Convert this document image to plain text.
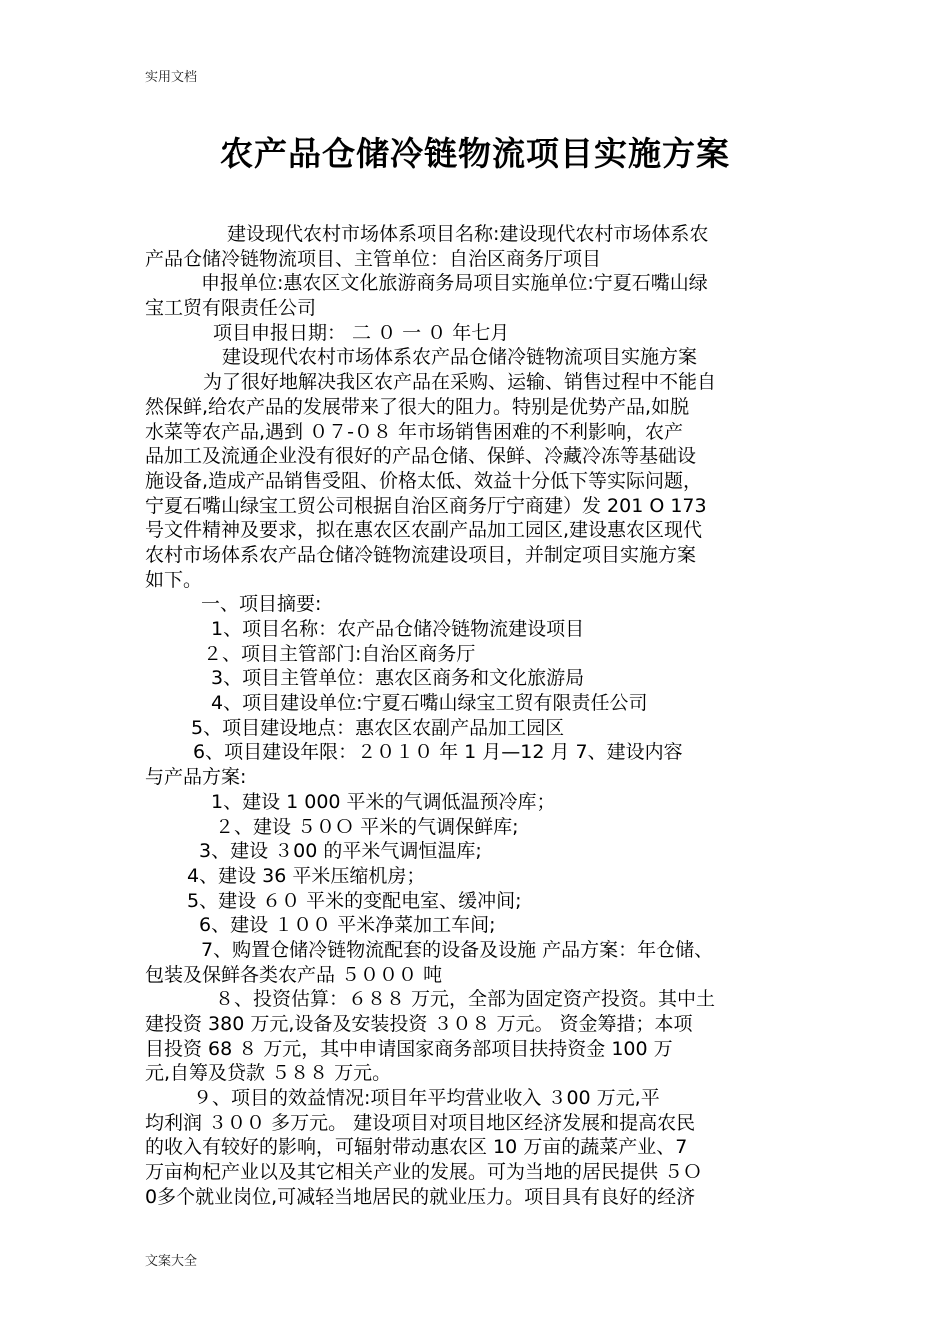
实用文档
农产品仓储冷链物流项目实施方案
建设现代农村市场体系项目名称:建设现代农村市场体系农
产品仓储冷链物流项目、主管单位：自治区商务厅项目
申报单位:惠农区文化旅游商务局项目实施单位:宁夏石嘴山绿
宝工贸有限责任公司
项目申报日期： 二 ０ 一 ０ 年七月
建设现代农村市场体系农产品仓储冷链物流项目实施方案
为了很好地解决我区农产品在采购、运输、销售过程中不能自
然保鲜,给农产品的发展带来了很大的阻力。特别是优势产品,如脱
水菜等农产品,遇到 ０７-０８ 年市场销售困难的不利影响，农产
品加工及流通企业没有很好的产品仓储、保鲜、冷藏冷冻等基础设
施设备,造成产品销售受阻、价格太低、效益十分低下等实际问题，
宁夏石嘴山绿宝工贸公司根据自治区商务厅宁商建）发 201 O 173
号文件精神及要求，拟在惠农区农副产品加工园区,建设惠农区现代
农村市场体系农产品仓储冷链物流建设项目，并制定项目实施方案
如下。
一、项目摘要:
1、项目名称：农产品仓储冷链物流建设项目
２、项目主管部门:自治区商务厅
3、项目主管单位：惠农区商务和文化旅游局
4、项目建设单位:宁夏石嘴山绿宝工贸有限责任公司
5、项目建设地点：惠农区农副产品加工园区
6、项目建设年限：２０１０ 年 1 月—12 月 7、建设内容
与产品方案:
1、建设 1 000 平米的气调低温预冷库；
２、建设 ５０Ｏ 平米的气调保鲜库;
3、建设 ３00 的平米气调恒温库;
4、建设 36 平米压缩机房；
5、建设 ６０ 平米的变配电室、缓冲间;
6、建设 １００ 平米净菜加工车间;
7、购置仓储冷链物流配套的设备及设施 产品方案：年仓储、
包装及保鲜各类农产品 ５０００ 吨
８、投资估算：６８８ 万元，全部为固定资产投资。其中土
建投资 380 万元,设备及安装投资 ３０８ 万元。 资金筹措；本项
目投资 68 ８ 万元，其中申请国家商务部项目扶持资金 100 万
元,自筹及贷款 ５８８ 万元。
９、项目的效益情况:项目年平均营业收入 ３00 万元,平
均利润 ３００ 多万元。 建设项目对项目地区经济发展和提高农民
的收入有较好的影响，可辐射带动惠农区 10 万亩的蔬菜产业、7
万亩枸杞产业以及其它相关产业的发展。可为当地的居民提供 ５Ｏ
0多个就业岗位,可减轻当地居民的就业压力。项目具有良好的经济
文案大全
